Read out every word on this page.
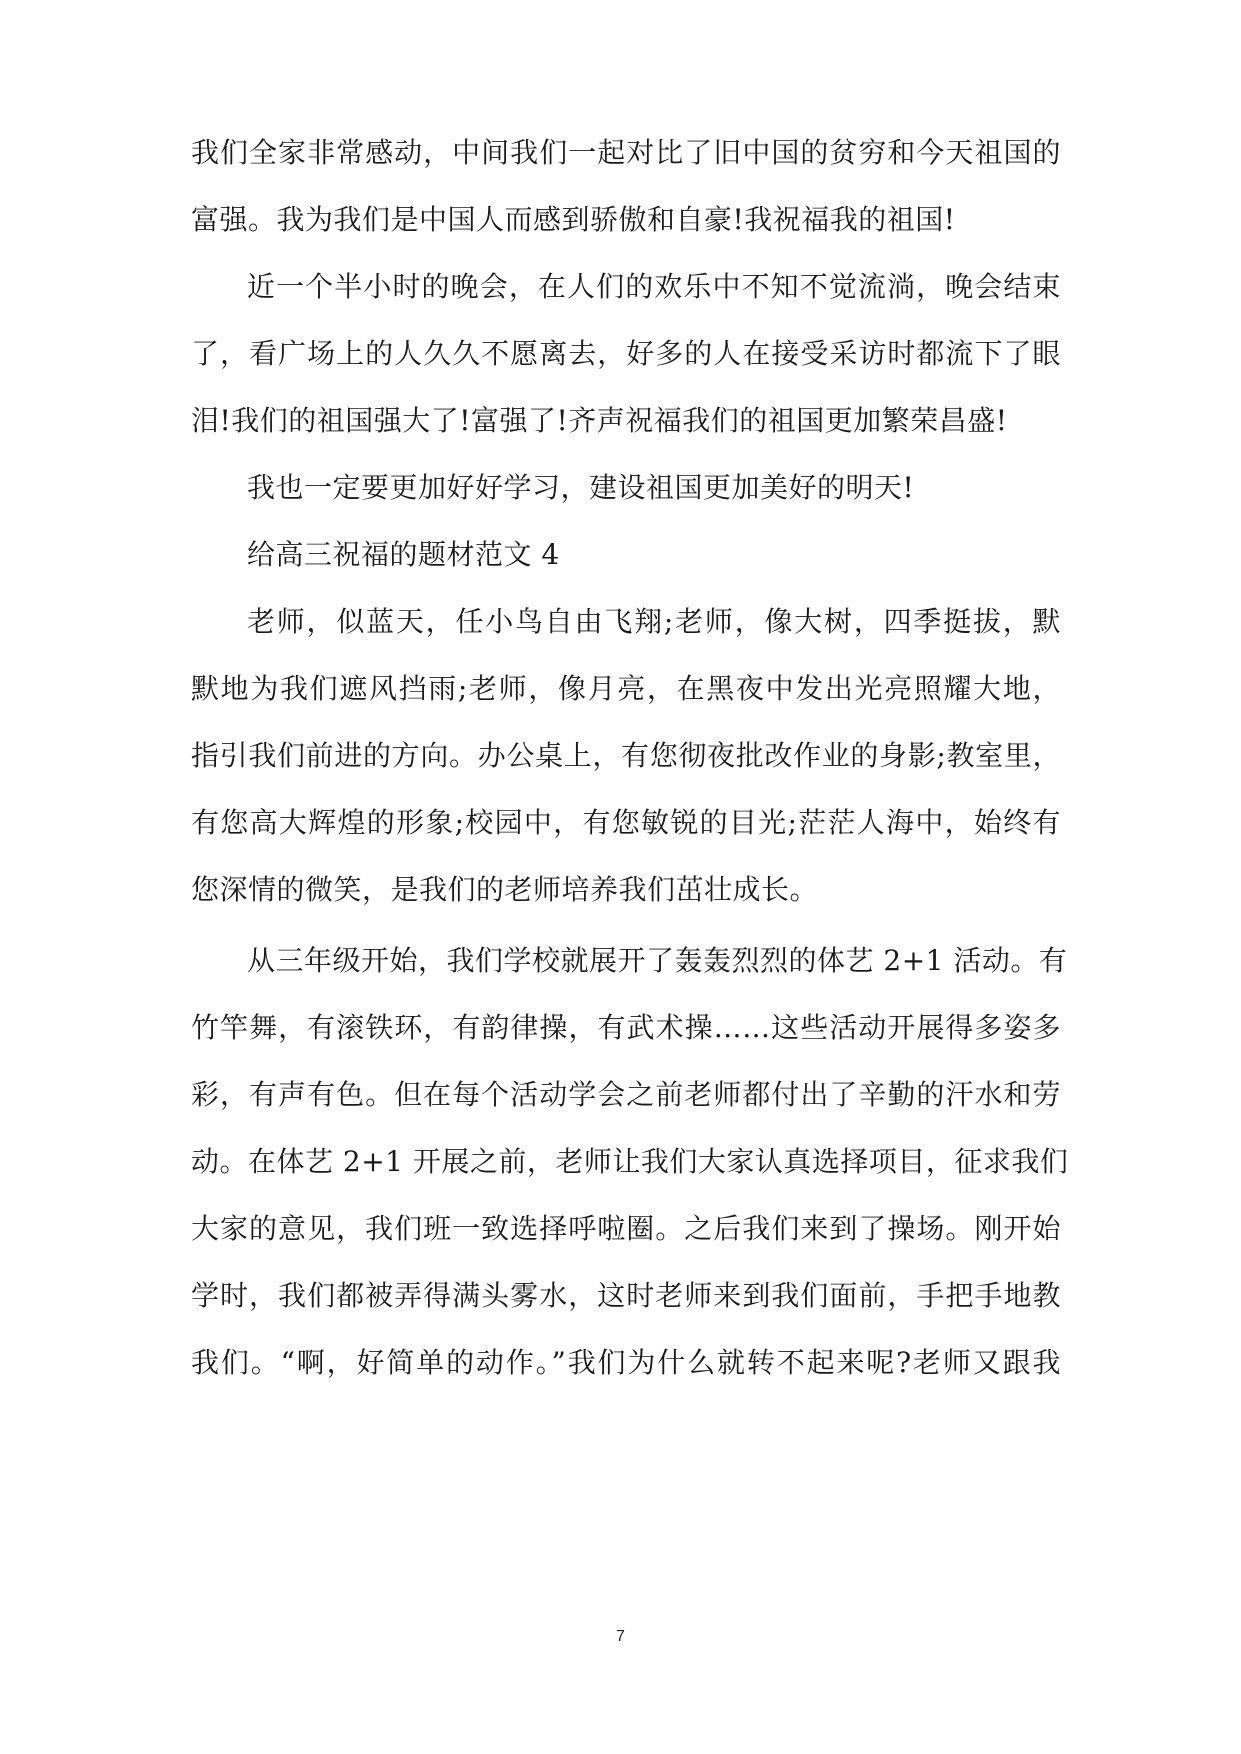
我们全家非常感动，中间我们一起对比了旧中国的贫穷和今天祖国的
富强。我为我们是中国人而感到骄傲和自豪!我祝福我的祖国!
近一个半小时的晚会，在人们的欢乐中不知不觉流淌，晚会结束
了，看广场上的人久久不愿离去，好多的人在接受采访时都流下了眼
泪!我们的祖国强大了!富强了!齐声祝福我们的祖国更加繁荣昌盛!
我也一定要更加好好学习，建设祖国更加美好的明天!
给高三祝福的题材范文 4
老师，似蓝天，任小鸟自由飞翔;老师，像大树，四季挺拔，默
默地为我们遮风挡雨;老师，像月亮，在黑夜中发出光亮照耀大地，
指引我们前进的方向。办公桌上，有您彻夜批改作业的身影;教室里，
有您高大辉煌的形象;校园中，有您敏锐的目光;茫茫人海中，始终有
您深情的微笑，是我们的老师培养我们茁壮成长。
从三年级开始，我们学校就展开了轰轰烈烈的体艺 2+1 活动。有
竹竿舞，有滚铁环，有韵律操，有武术操……这些活动开展得多姿多
彩，有声有色。但在每个活动学会之前老师都付出了辛勤的汗水和劳
动。在体艺 2+1 开展之前，老师让我们大家认真选择项目，征求我们
大家的意见，我们班一致选择呼啦圈。之后我们来到了操场。刚开始
学时，我们都被弄得满头雾水，这时老师来到我们面前，手把手地教
我们。“啊，好简单的动作。”我们为什么就转不起来呢?老师又跟我
7
